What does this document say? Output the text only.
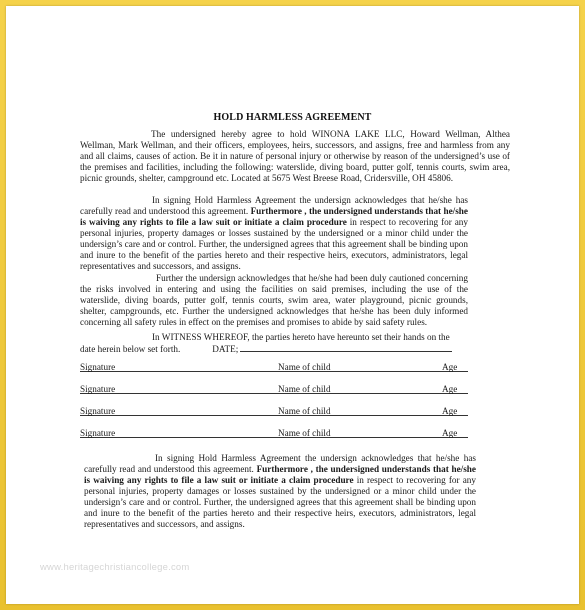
HOLD HARMLESS AGREEMENT

The undersigned hereby agree to hold WINONA LAKE LLC, Howard Wellman, Althea Wellman, Mark Wellman, and their officers, employees, heirs, successors, and assigns, free and harmless from any and all claims, causes of action. Be it in nature of personal injury or otherwise by reason of the undersigned’s use of the premises and facilities, including the following: waterslide, diving board, putter golf, tennis courts, swim area, picnic grounds, shelter, campground etc. Located at 5675 West Breese Road, Cridersville, OH 45806.

In signing Hold Harmless Agreement the undersign acknowledges that he/she has carefully read and understood this agreement. Furthermore , the undersigned understands that he/she is waiving any rights to file a law suit or initiate a claim procedure in respect to recovering for any personal injuries, property damages or losses sustained by the undersigned or a minor child under the undersign’s care and or control. Further, the undersigned agrees that this agreement shall be binding upon and inure to the benefit of the parties hereto and their respective heirs, executors, administrators, legal representatives and successors, and assigns.

Further the undersign acknowledges that he/she had been duly cautioned concerning the risks involved in entering and using the facilities on said premises, including the use of the waterslide, diving boards, putter golf, tennis courts, swim area, water playground, picnic grounds, shelter, campgrounds, etc. Further the undersigned acknowledges that he/she has been duly informed concerning all safety rules in effect on the premises and promises to abide by said safety rules.

In WITNESS WHEREOF, the parties hereto have hereunto set their hands on the
date herein below set forth.	DATE;

Signature	Name of child	Age
Signature	Name of child	Age
Signature	Name of child	Age
Signature	Name of child	Age

In signing Hold Harmless Agreement the undersign acknowledges that he/she has carefully read and understood this agreement. Furthermore , the undersigned understands that he/she is waiving any rights to file a law suit or initiate a claim procedure in respect to recovering for any personal injuries, property damages or losses sustained by the undersigned or a minor child under the undersign’s care and or control. Further, the undersigned agrees that this agreement shall be binding upon and inure to the benefit of the parties hereto and their respective heirs, executors, administrators, legal representatives and successors, and assigns.

www.heritagechristiancollege.com
